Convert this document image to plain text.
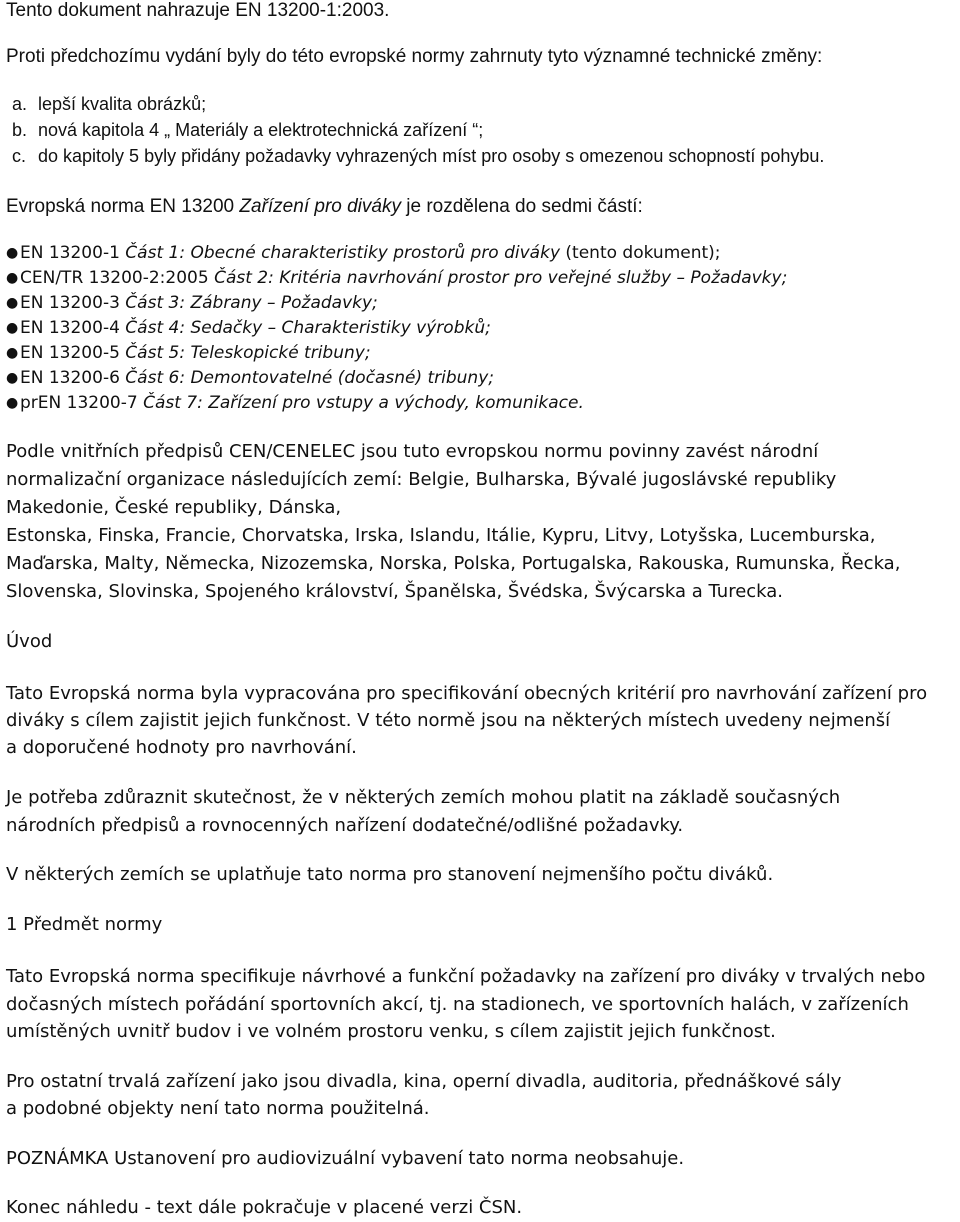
Tento dokument nahrazuje EN 13200-1:2003.
Proti předchozímu vydání byly do této evropské normy zahrnuty tyto významné technické změny:
a. lepší kvalita obrázků;
b. nová kapitola 4 „ Materiály a elektrotechnická zařízení “;
c. do kapitoly 5 byly přidány požadavky vyhrazených míst pro osoby s omezenou schopností pohybu.
Evropská norma EN 13200 Zařízení pro diváky je rozdělena do sedmi částí:
● EN 13200-1 Část 1: Obecné charakteristiky prostorů pro diváky (tento dokument);
● CEN/TR 13200-2:2005 Část 2: Kritéria navrhování prostor pro veřejné služby – Požadavky;
● EN 13200-3 Část 3: Zábrany – Požadavky;
● EN 13200-4 Část 4: Sedačky – Charakteristiky výrobků;
● EN 13200-5 Část 5: Teleskopické tribuny;
● EN 13200-6 Část 6: Demontovatelné (dočasné) tribuny;
● prEN 13200-7 Část 7: Zařízení pro vstupy a východy, komunikace.
Podle vnitřních předpisů CEN/CENELEC jsou tuto evropskou normu povinny zavést národní
normalizační organizace následujících zemí: Belgie, Bulharska, Bývalé jugoslávské republiky
Makedonie, České republiky, Dánska,
Estonska, Finska, Francie, Chorvatska, Irska, Islandu, Itálie, Kypru, Litvy, Lotyšska, Lucemburska,
Maďarska, Malty, Německa, Nizozemska, Norska, Polska, Portugalska, Rakouska, Rumunska, Řecka,
Slovenska, Slovinska, Spojeného království, Španělska, Švédska, Švýcarska a Turecka.
Úvod
Tato Evropská norma byla vypracována pro specifikování obecných kritérií pro navrhování zařízení pro
diváky s cílem zajistit jejich funkčnost. V této normě jsou na některých místech uvedeny nejmenší
a doporučené hodnoty pro navrhování.
Je potřeba zdůraznit skutečnost, že v některých zemích mohou platit na základě současných
národních předpisů a rovnocenných nařízení dodatečné/odlišné požadavky.
V některých zemích se uplatňuje tato norma pro stanovení nejmenšího počtu diváků.
1 Předmět normy
Tato Evropská norma specifikuje návrhové a funkční požadavky na zařízení pro diváky v trvalých nebo
dočasných místech pořádání sportovních akcí, tj. na stadionech, ve sportovních halách, v zařízeních
umístěných uvnitř budov i ve volném prostoru venku, s cílem zajistit jejich funkčnost.
Pro ostatní trvalá zařízení jako jsou divadla, kina, operní divadla, auditoria, přednáškové sály
a podobné objekty není tato norma použitelná.
POZNÁMKA Ustanovení pro audiovizuální vybavení tato norma neobsahuje.
Konec náhledu - text dále pokračuje v placené verzi ČSN.
